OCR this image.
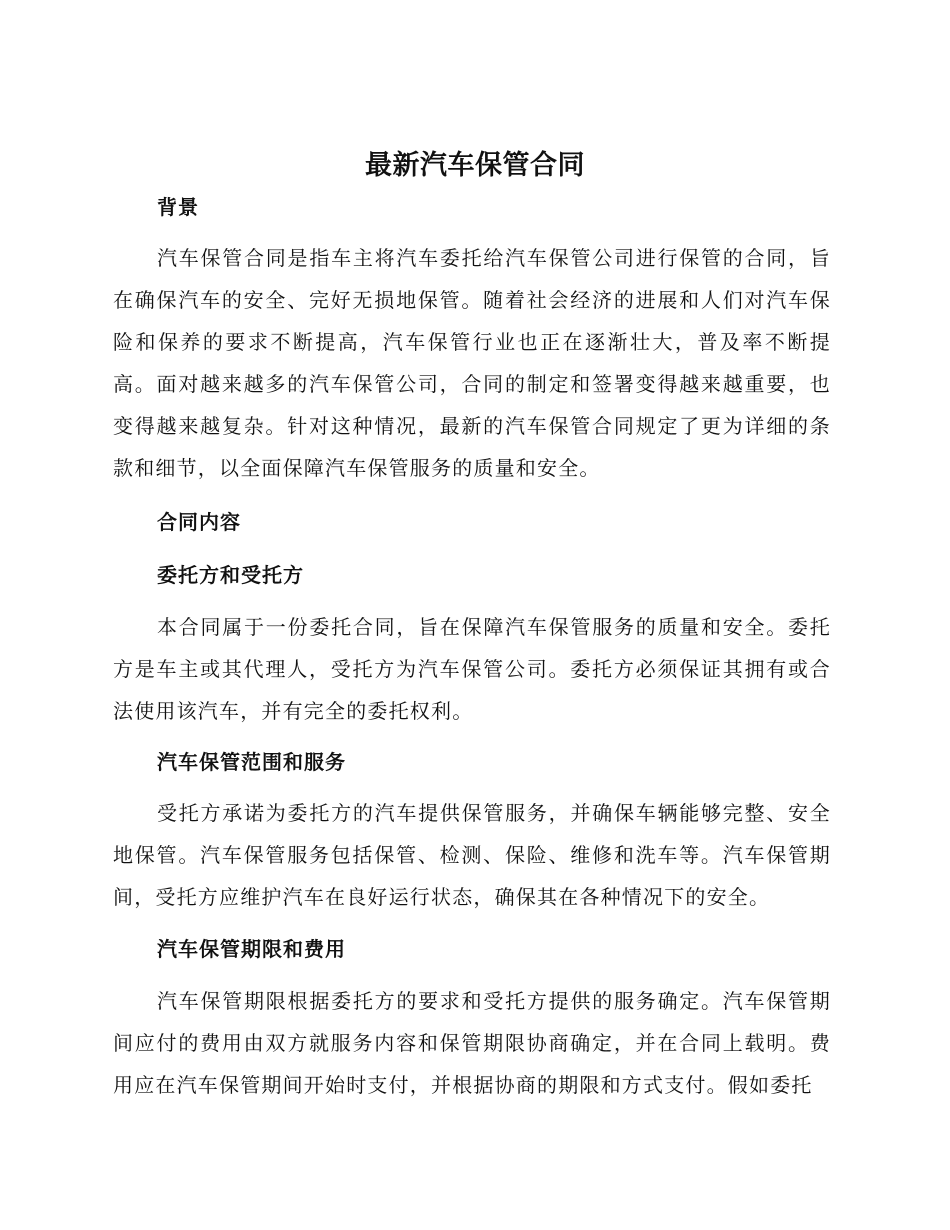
最新汽车保管合同
背景
汽车保管合同是指车主将汽车委托给汽车保管公司进行保管的合同，旨在确保汽车的安全、完好无损地保管。随着社会经济的进展和人们对汽车保险和保养的要求不断提高，汽车保管行业也正在逐渐壮大，普及率不断提高。面对越来越多的汽车保管公司，合同的制定和签署变得越来越重要，也变得越来越复杂。针对这种情况，最新的汽车保管合同规定了更为详细的条款和细节，以全面保障汽车保管服务的质量和安全。
合同内容
委托方和受托方
本合同属于一份委托合同，旨在保障汽车保管服务的质量和安全。委托方是车主或其代理人，受托方为汽车保管公司。委托方必须保证其拥有或合法使用该汽车，并有完全的委托权利。
汽车保管范围和服务
受托方承诺为委托方的汽车提供保管服务，并确保车辆能够完整、安全地保管。汽车保管服务包括保管、检测、保险、维修和洗车等。汽车保管期间，受托方应维护汽车在良好运行状态，确保其在各种情况下的安全。
汽车保管期限和费用
汽车保管期限根据委托方的要求和受托方提供的服务确定。汽车保管期间应付的费用由双方就服务内容和保管期限协商确定，并在合同上载明。费用应在汽车保管期间开始时支付，并根据协商的期限和方式支付。假如委托
